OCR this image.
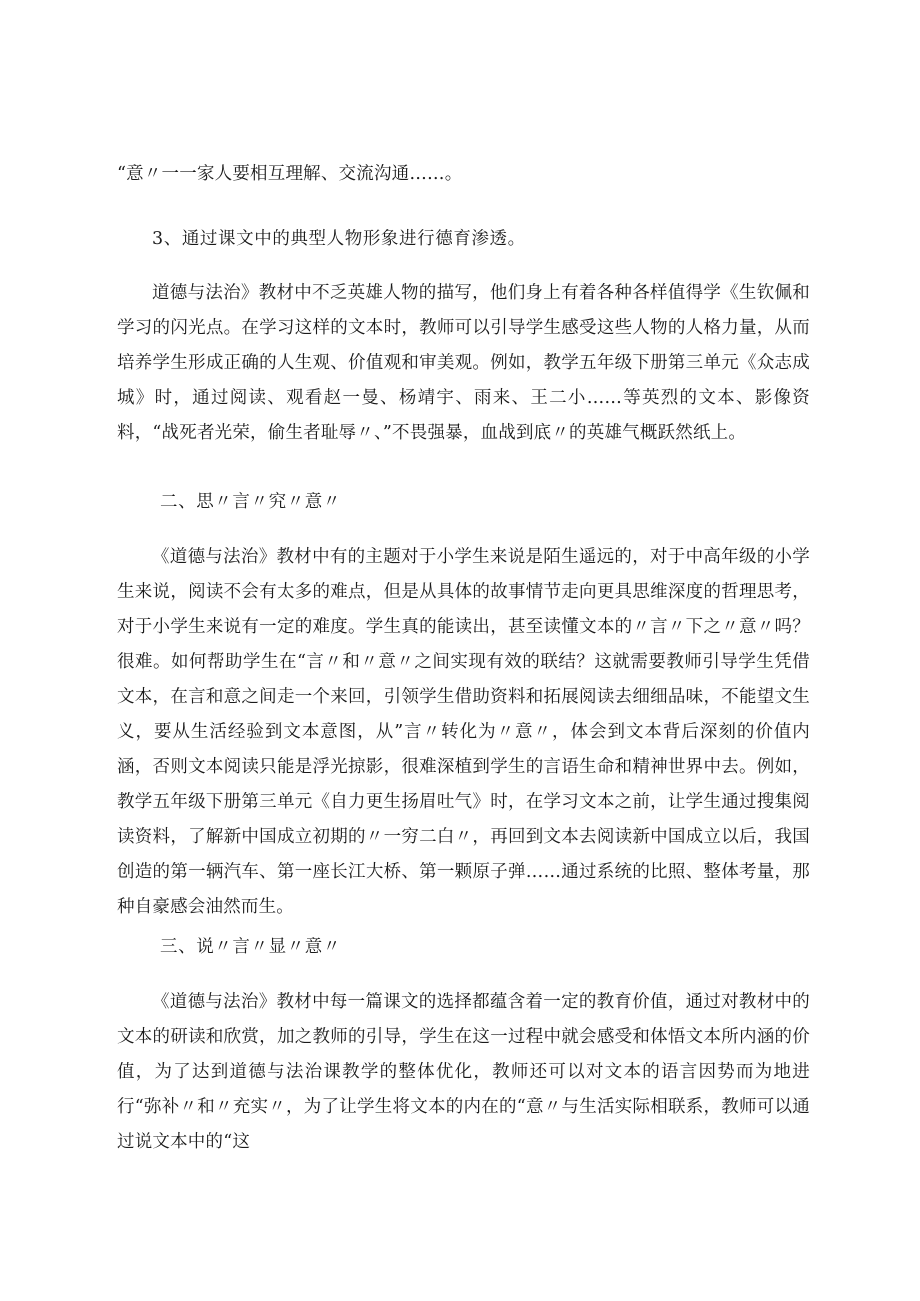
“意〃一一家人要相互理解、交流沟通……。

3、通过课文中的典型人物形象进行德育渗透。

道德与法治》教材中不乏英雄人物的描写，他们身上有着各种各样值得学《生钦佩和学习的闪光点。在学习这样的文本时，教师可以引导学生感受这些人物的人格力量，从而培养学生形成正确的人生观、价值观和审美观。例如，教学五年级下册第三单元《众志成城》时，通过阅读、观看赵一曼、杨靖宇、雨来、王二小……等英烈的文本、影像资料，“战死者光荣，偷生者耻辱〃、”不畏强暴，血战到底〃的英雄气概跃然纸上。

二、思〃言〃究〃意〃

《道德与法治》教材中有的主题对于小学生来说是陌生遥远的，对于中高年级的小学生来说，阅读不会有太多的难点，但是从具体的故事情节走向更具思维深度的哲理思考，对于小学生来说有一定的难度。学生真的能读出，甚至读懂文本的〃言〃下之〃意〃吗？很难。如何帮助学生在“言〃和〃意〃之间实现有效的联结？这就需要教师引导学生凭借文本，在言和意之间走一个来回，引领学生借助资料和拓展阅读去细细品味，不能望文生义，要从生活经验到文本意图，从”言〃转化为〃意〃，体会到文本背后深刻的价值内涵，否则文本阅读只能是浮光掠影，很难深植到学生的言语生命和精神世界中去。例如，教学五年级下册第三单元《自力更生扬眉吐气》时，在学习文本之前，让学生通过搜集阅读资料，了解新中国成立初期的〃一穷二白〃，再回到文本去阅读新中国成立以后，我国创造的第一辆汽车、第一座长江大桥、第一颗原子弹……通过系统的比照、整体考量，那种自豪感会油然而生。

三、说〃言〃显〃意〃

《道德与法治》教材中每一篇课文的选择都蕴含着一定的教育价值，通过对教材中的文本的研读和欣赏，加之教师的引导，学生在这一过程中就会感受和体悟文本所内涵的价值，为了达到道德与法治课教学的整体优化，教师还可以对文本的语言因势而为地进行“弥补〃和〃充实〃，为了让学生将文本的内在的“意〃与生活实际相联系，教师可以通过说文本中的“这
